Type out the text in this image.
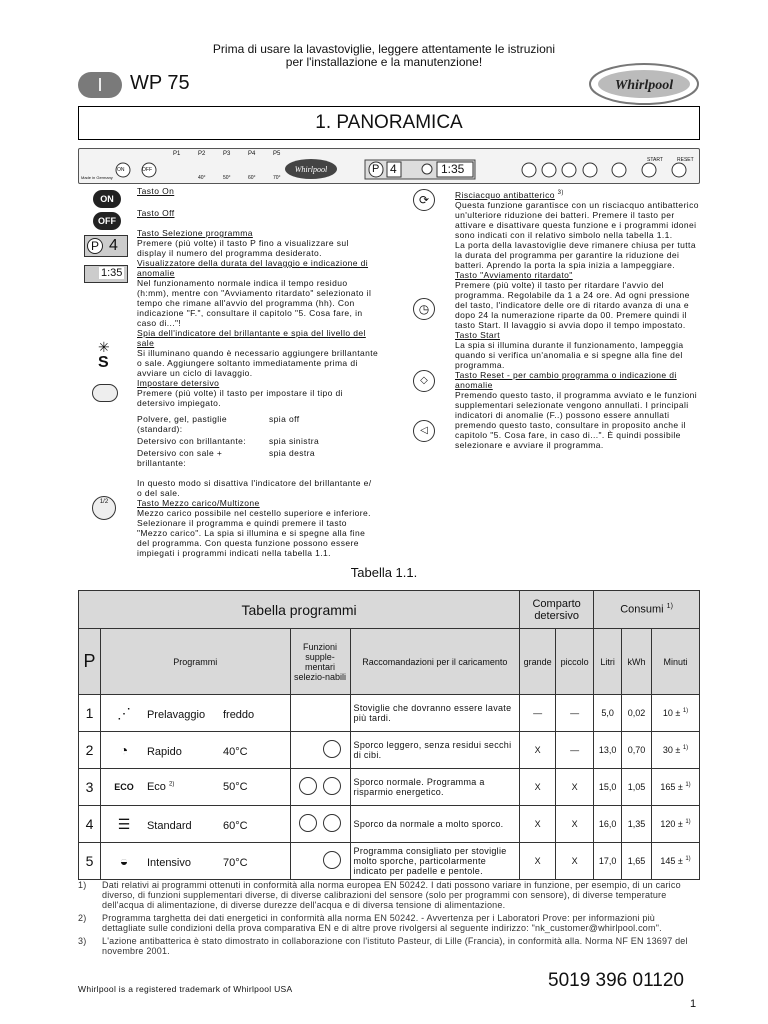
Prima di usare la lavastoviglie, leggere attentamente le istruzioni
per l'installazione e la manutenzione!
I	WP 75	Whirlpool
1. PANORAMICA
Whirlpool
Made in Germany
ON	OFF
P1	P2	P3	P4	P5
40°	50°	60°	70°
P 4	1:35
START	RESET
ON
OFF
P 4
1:35
✳
S
1/2
Tasto On
Tasto Off
Tasto Selezione programma
Premere (più volte) il tasto P fino a visualizzare sul display il numero del programma desiderato.
Visualizzatore della durata del lavaggio e indicazione di anomalie
Nel funzionamento normale indica il tempo residuo (h:mm), mentre con "Avviamento ritardato" selezionato il tempo che rimane all'avvio del programma (hh). Con indicazione "F.", consultare il capitolo "5. Cosa fare, in caso di..."!
Spia dell'indicatore del brillantante e spia del livello del sale
Si illuminano quando è necessario aggiungere brillantante o sale. Aggiungere soltanto immediatamente prima di avviare un ciclo di lavaggio.
Impostare detersivo
Premere (più volte) il tasto per impostare il tipo di detersivo impiegato.
Polvere, gel, pastiglie (standard):
spia off
Detersivo con brillantante:	spia sinistra
Detersivo con sale + brillantante:
spia destra
In questo modo si disattiva l'indicatore del brillantante e/ o del sale.
Tasto Mezzo carico/Multizone
Mezzo carico possibile nel cestello superiore e inferiore. Selezionare il programma e quindi premere il tasto "Mezzo carico". La spia si illumina e si spegne alla fine del programma. Con questa funzione possono essere impiegati i programmi indicati nella tabella 1.1.
⟳
◷
◇
◁
Risciacquo antibatterico $^{3)}$
Questa funzione garantisce con un risciacquo antibatterico un'ulteriore riduzione dei batteri. Premere il tasto per attivare e disattivare questa funzione e i programmi idonei sono indicati con il relativo simbolo nella tabella 1.1.
La porta della lavastoviglie deve rimanere chiusa per tutta la durata del programma per garantire la riduzione dei batteri. Aprendo la porta la spia inizia a lampeggiare.
Tasto "Avviamento ritardato"
Premere (più volte) il tasto per ritardare l'avvio del programma. Regolabile da 1 a 24 ore. Ad ogni pressione del tasto, l'indicatore delle ore di ritardo avanza di una e dopo 24 la numerazione riparte da 00. Premere quindi il tasto Start. Il lavaggio si avvia dopo il tempo impostato.
Tasto Start
La spia si illumina durante il funzionamento, lampeggia quando si verifica un'anomalia e si spegne alla fine del programma.
Tasto Reset - per cambio programma o indicazione di anomalie
Premendo questo tasto, il programma avviato e le funzioni supplementari selezionate vengono annullati. I principali indicatori di anomalie (F..) possono essere annullati premendo questo tasto, consultare in proposito anche il capitolo "5. Cosa fare, in caso di...". È quindi possibile selezionare e avviare il programma.
Tabella 1.1.
Tabella programmi				Comparto detersivo		Consumi $^{1)}$
P	Programmi	Funzioni supple-mentari selezio-nabili	Raccomandazioni per il caricamento	grande	piccolo	Litri	kWh	Minuti
1	⋰ Prelavaggio freddo		Stoviglie che dovranno essere lavate più tardi.	—	—	5,0	0,02	10 ± $^{1)}$
2	◔ Rapido 40°C		Sporco leggero, senza residui secchi di cibi.	X	—	13,0	0,70	30 ± $^{1)}$
3	ECO Eco $^{2)}$ 50°C		Sporco normale. Programma a risparmio energetico.	X	X	15,0	1,05	165 ± $^{1)}$
4	☰ Standard 60°C		Sporco da normale a molto sporco.	X	X	16,0	1,35	120 ± $^{1)}$
5	◒ Intensivo 70°C		Programma consigliato per stoviglie molto sporche, particolarmente indicato per padelle e pentole.	X	X	17,0	1,65	145 ± $^{1)}$
1)	Dati relativi ai programmi ottenuti in conformità alla norma europea EN 50242. I dati possono variare in funzione, per esempio, di un carico diverso, di funzioni supplementari diverse, di diverse calibrazioni del sensore (solo per programmi con sensore), di diverse temperature dell'acqua di alimentazione, di diverse durezze dell'acqua e di diversa tensione di alimentazione.
2)	Programma targhetta dei dati energetici in conformità alla norma EN 50242. - Avvertenza per i Laboratori Prove: per informazioni più dettagliate sulle condizioni della prova comparativa EN e di altre prove rivolgersi al seguente indirizzo: "nk_customer@whirlpool.com".
3)	L'azione antibatterica è stato dimostrato in collaborazione con l'istituto Pasteur, di Lille (Francia), in conformità alla. Norma NF EN 13697 del novembre 2001.
Whirlpool is a registered trademark of Whirlpool USA	5019 396 01120
1
